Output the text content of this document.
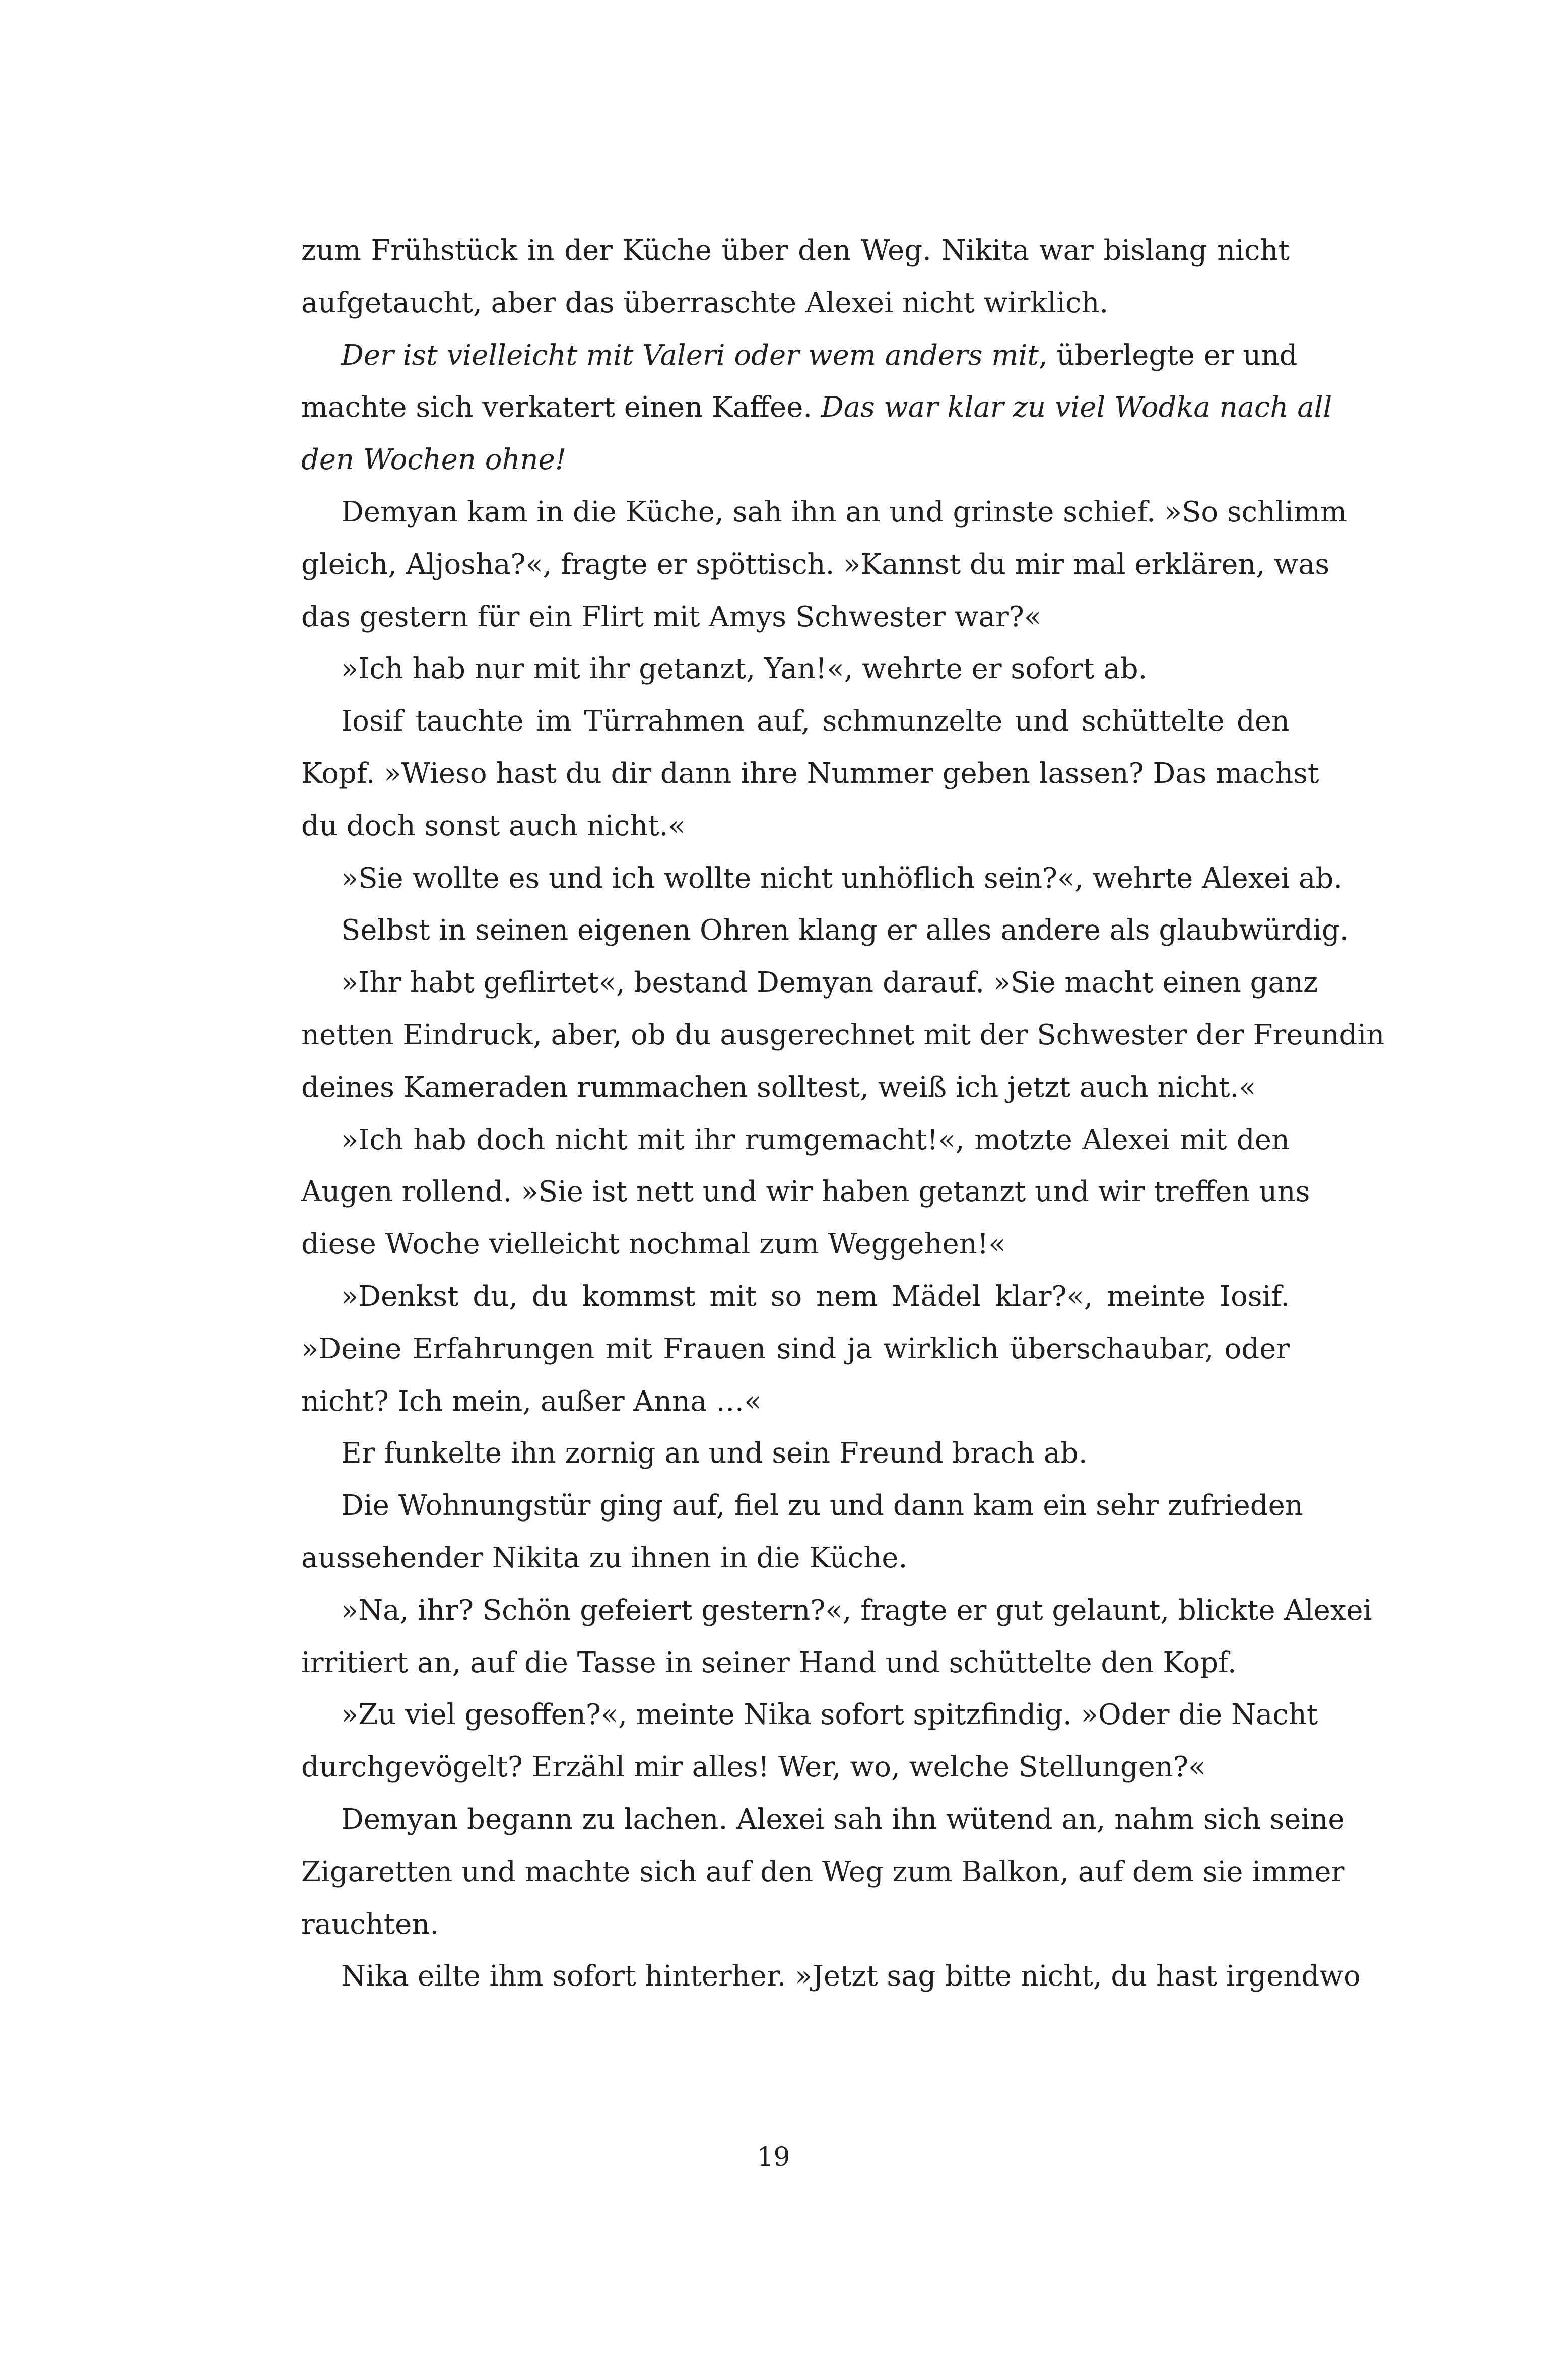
zum Frühstück in der Küche über den Weg. Nikita war bislang nicht
aufgetaucht, aber das überraschte Alexei nicht wirklich.
Der ist vielleicht mit Valeri oder wem anders mit, überlegte er und
machte sich verkatert einen Kaffee. Das war klar zu viel Wodka nach all
den Wochen ohne!
Demyan kam in die Küche, sah ihn an und grinste schief. »So schlimm
gleich, Aljosha?«, fragte er spöttisch. »Kannst du mir mal erklären, was
das gestern für ein Flirt mit Amys Schwester war?«
»Ich hab nur mit ihr getanzt, Yan!«, wehrte er sofort ab.
Iosif tauchte im Türrahmen auf, schmunzelte und schüttelte den
Kopf. »Wieso hast du dir dann ihre Nummer geben lassen? Das machst
du doch sonst auch nicht.«
»Sie wollte es und ich wollte nicht unhöflich sein?«, wehrte Alexei ab.
Selbst in seinen eigenen Ohren klang er alles andere als glaubwürdig.
»Ihr habt geflirtet«, bestand Demyan darauf. »Sie macht einen ganz
netten Eindruck, aber, ob du ausgerechnet mit der Schwester der Freundin
deines Kameraden rummachen solltest, weiß ich jetzt auch nicht.«
»Ich hab doch nicht mit ihr rumgemacht!«, motzte Alexei mit den
Augen rollend. »Sie ist nett und wir haben getanzt und wir treffen uns
diese Woche vielleicht nochmal zum Weggehen!«
»Denkst du, du kommst mit so nem Mädel klar?«, meinte Iosif.
»Deine Erfahrungen mit Frauen sind ja wirklich überschaubar, oder
nicht? Ich mein, außer Anna …«
Er funkelte ihn zornig an und sein Freund brach ab.
Die Wohnungstür ging auf, fiel zu und dann kam ein sehr zufrieden
aussehender Nikita zu ihnen in die Küche.
»Na, ihr? Schön gefeiert gestern?«, fragte er gut gelaunt, blickte Alexei
irritiert an, auf die Tasse in seiner Hand und schüttelte den Kopf.
»Zu viel gesoffen?«, meinte Nika sofort spitzfindig. »Oder die Nacht
durchgevögelt? Erzähl mir alles! Wer, wo, welche Stellungen?«
Demyan begann zu lachen. Alexei sah ihn wütend an, nahm sich seine
Zigaretten und machte sich auf den Weg zum Balkon, auf dem sie immer
rauchten.
Nika eilte ihm sofort hinterher. »Jetzt sag bitte nicht, du hast irgendwo
19
